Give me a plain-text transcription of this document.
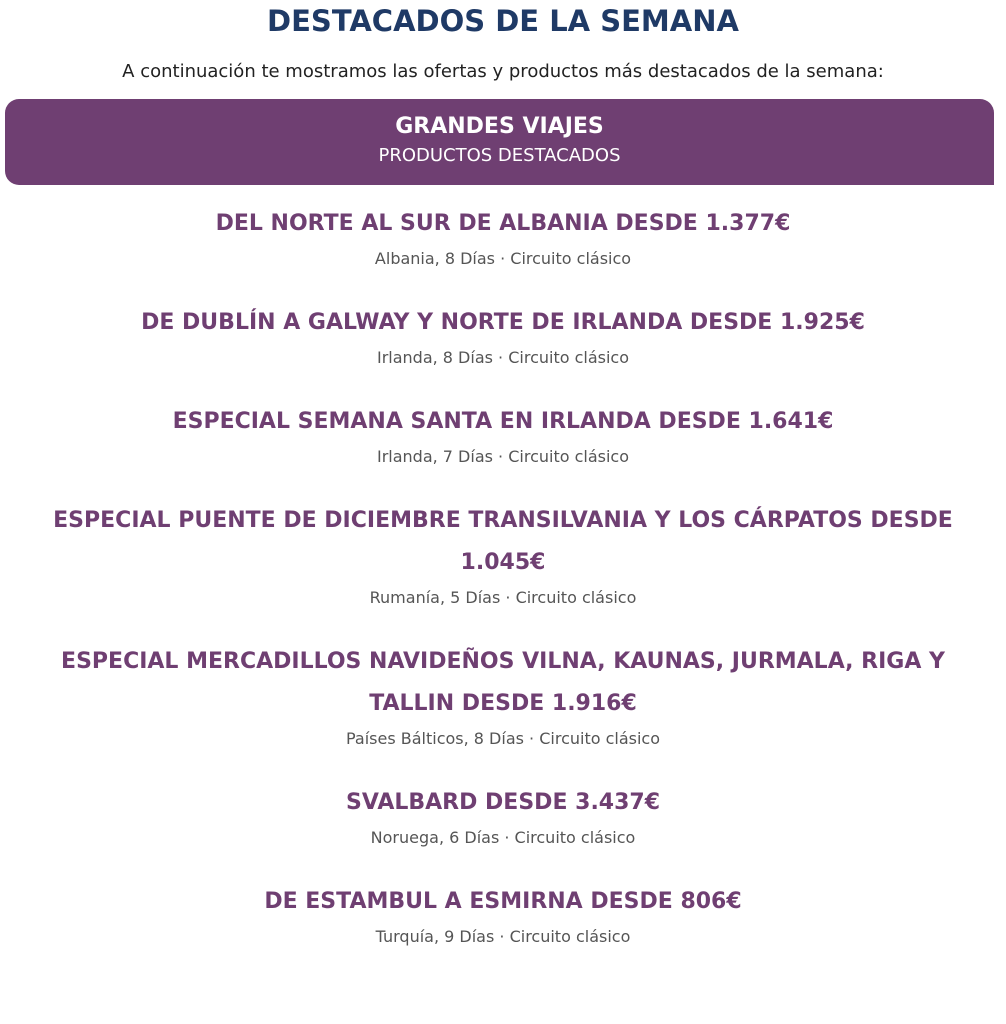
DESTACADOS DE LA SEMANA

A continuación te mostramos las ofertas y productos más destacados de la semana:

GRANDES VIAJES
PRODUCTOS DESTACADOS
DEL NORTE AL SUR DE ALBANIA DESDE 1.377€
Albania, 8 Días · Circuito clásico
DE DUBLÍN A GALWAY Y NORTE DE IRLANDA DESDE 1.925€
Irlanda, 8 Días · Circuito clásico
ESPECIAL SEMANA SANTA EN IRLANDA DESDE 1.641€
Irlanda, 7 Días · Circuito clásico
ESPECIAL PUENTE DE DICIEMBRE TRANSILVANIA Y LOS CÁRPATOS DESDE 1.045€
Rumanía, 5 Días · Circuito clásico
ESPECIAL MERCADILLOS NAVIDEÑOS VILNA, KAUNAS, JURMALA, RIGA Y TALLIN DESDE 1.916€
Países Bálticos, 8 Días · Circuito clásico
SVALBARD DESDE 3.437€
Noruega, 6 Días · Circuito clásico
DE ESTAMBUL A ESMIRNA DESDE 806€
Turquía, 9 Días · Circuito clásico
